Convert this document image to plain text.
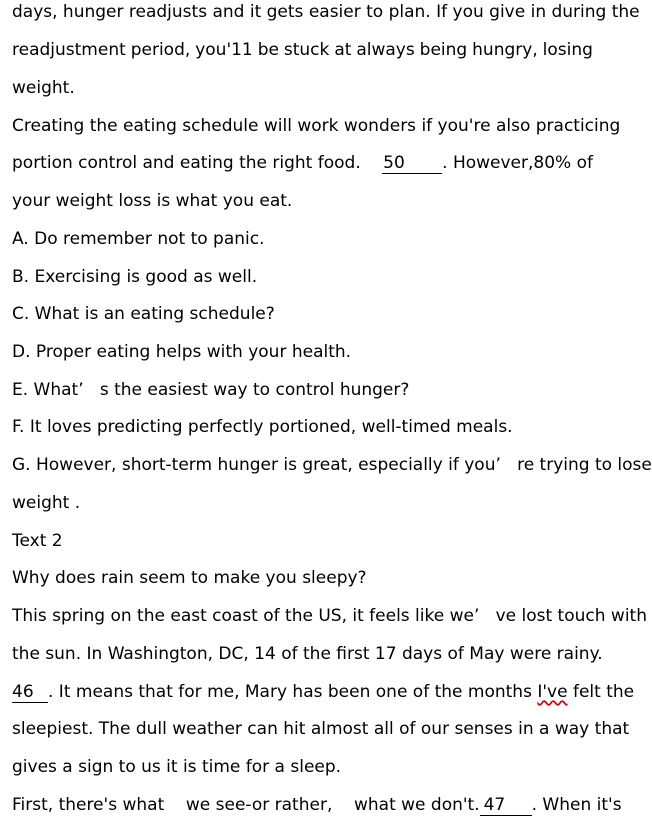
days, hunger readjusts and it gets easier to plan. If you give in during the
readjustment period, you'11 be stuck at always being hungry, losing
weight.
Creating the eating schedule will work wonders if you're also practicing
portion control and eating the right food. 50 . However, 80% of
your weight loss is what you eat.
A. Do remember not to panic.
B. Exercising is good as well.
C. What is an eating schedule?
D. Proper eating helps with your health.
E. What’   s the easiest way to control hunger?
F. It loves predicting perfectly portioned, well-timed meals.
G. However, short-term hunger is great, especially if you’   re trying to lose
weight .
Text 2
Why does rain seem to make you sleepy?
This spring on the east coast of the US, it feels like we’   ve lost touch with
the sun. In Washington, DC, 14 of the first 17 days of May were rainy.
46 . It means that for me, Mary has been one of the months I've felt the
sleepiest. The dull weather can hit almost all of our senses in a way that
gives a sign to us it is time for a sleep.
First, there's what    we see-or rather,    what we don't. 47 . When it's
